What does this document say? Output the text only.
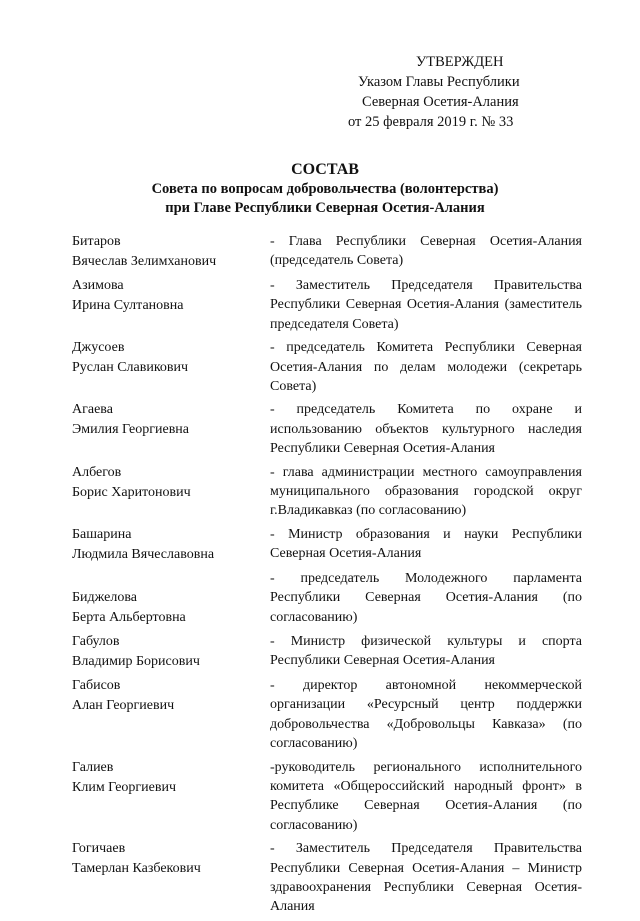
УТВЕРЖДЕН
Указом Главы Республики
Северная Осетия-Алания
от 25 февраля 2019 г. № 33
СОСТАВ
Совета по вопросам добровольчества (волонтерства)
при Главе Республики Северная Осетия-Алания
Битаров
Вячеслав Зелимханович
- Глава Республики Северная Осетия-Алания (председатель Совета)
Азимова
Ирина Султановна
- Заместитель Председателя Правительства Республики Северная Осетия-Алания (заместитель председателя Совета)
Джусоев
Руслан Славикович
- председатель Комитета Республики Северная Осетия-Алания по делам молодежи (секретарь Совета)
Агаева
Эмилия Георгиевна
- председатель Комитета по охране и использованию объектов культурного наследия Республики Северная Осетия-Алания
Албегов
Борис Харитонович
- глава администрации местного самоуправления муниципального образования городской округ г.Владикавказ (по согласованию)
Башарина
Людмила Вячеславовна
- Министр образования и науки Республики Северная Осетия-Алания
Биджелова
Берта Альбертовна
- председатель Молодежного парламента Республики Северная Осетия-Алания (по согласованию)
Габулов
Владимир Борисович
- Министр физической культуры и спорта Республики Северная Осетия-Алания
Габисов
Алан Георгиевич
- директор автономной некоммерческой организации «Ресурсный центр поддержки добровольчества «Добровольцы Кавказа» (по согласованию)
Галиев
Клим Георгиевич
-руководитель регионального исполнительного комитета «Общероссийский народный фронт» в Республике Северная Осетия-Алания (по согласованию)
Гогичаев
Тамерлан Казбекович
- Заместитель Председателя Правительства Республики Северная Осетия-Алания – Министр здравоохранения Республики Северная Осетия-Алания
